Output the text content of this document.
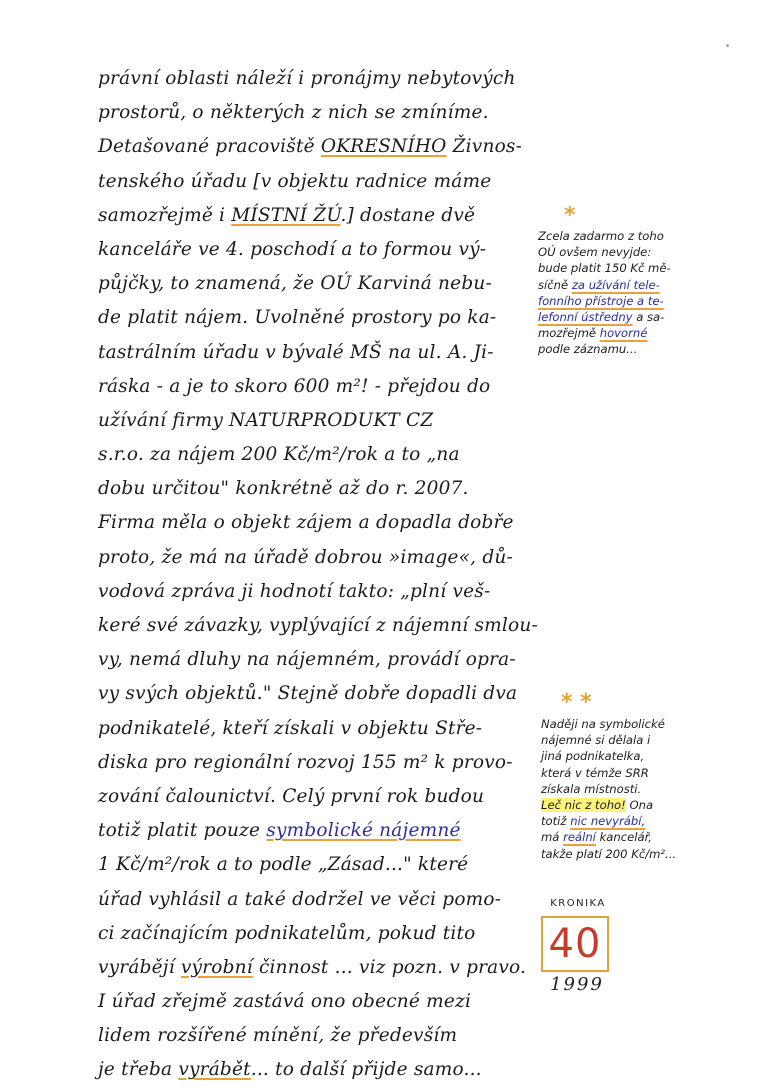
právní oblasti náleží i pronájmy nebytových
prostorů, o některých z nich se zmíníme.
Detašované pracoviště OKRESNÍHO Živnos-
tenského úřadu [v objektu radnice máme
samozřejmě i MÍSTNÍ ŽÚ.] dostane dvě
kanceláře ve 4. poschodí a to formou vý-
půjčky, to znamená, že OÚ Karviná nebu-
de platit nájem. Uvolněné prostory po ka-
tastrálním úřadu v bývalé MŠ na ul. A. Ji-
ráska - a je to skoro 600 m²! - přejdou do
užívání firmy NATURPRODUKT CZ
s.r.o. za nájem 200 Kč/m²/rok a to „na
dobu určitou" konkrétně až do r. 2007.
Firma měla o objekt zájem a dopadla dobře
proto, že má na úřadě dobrou »image«, dů-
vodová zpráva ji hodnotí takto: „plní veš-
keré své závazky, vyplývající z nájemní smlou-
vy, nemá dluhy na nájemném, provádí opra-
vy svých objektů." Stejně dobře dopadli dva
podnikatelé, kteří získali v objektu Stře-
diska pro regionální rozvoj 155 m² k provo-
zování čalounictví. Celý první rok budou
totiž platit pouze symbolické nájemné
1 Kč/m²/rok a to podle „Zásad..." které
úřad vyhlásil a také dodržel ve věci pomo-
ci začínajícím podnikatelům, pokud tito
vyrábějí výrobní činnost ... viz pozn. v pravo.
I úřad zřejmě zastává ono obecné mezi
lidem rozšířené mínění, že především
je třeba vyrábět... to další přijde samo...
*
Zcela zadarmo z toho
OÚ ovšem nevyjde:
bude platit 150 Kč mě-
síčně za užívání tele-
fonního přístroje a te-
lefonní ústředny a sa-
mozřejmě hovorné
podle záznamu...
* *
Naději na symbolické
nájemné si dělala i
jiná podnikatelka,
která v témže SRR
získala místnosti.
Leč nic z toho! Ona
totiž nic nevyrábí,
má reální kancelář,
takže platí 200 Kč/m²...
KRONIKA
40
1999
